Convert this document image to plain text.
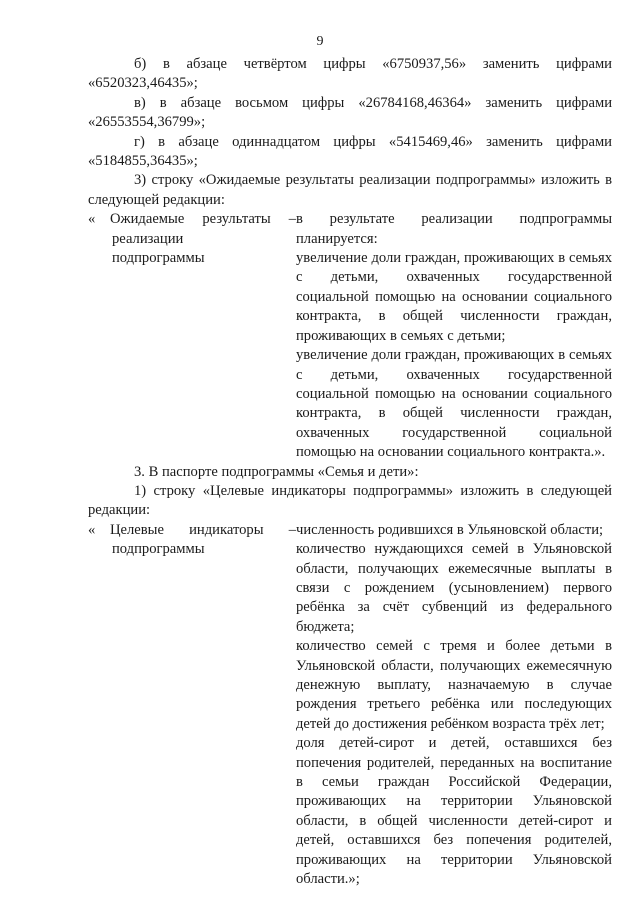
9

б) в абзаце четвёртом цифры «6750937,56» заменить цифрами «6520323,46435»;

в) в абзаце восьмом цифры «26784168,46364» заменить цифрами «26553554,36799»;

г) в абзаце одиннадцатом цифры «5415469,46» заменить цифрами «5184855,36435»;

3) строку «Ожидаемые результаты реализации подпрограммы» изложить в следующей редакции:

«	Ожидаемые результаты –
реализации
подпрограммы

в результате реализации подпрограммы планируется:

увеличение доли граждан, проживающих в семьях с детьми, охваченных государственной социальной помощью на основании социального контракта, в общей численности граждан, проживающих в семьях с детьми;

увеличение доли граждан, проживающих в семьях с детьми, охваченных государственной социальной помощью на основании социального контракта, в общей численности граждан, охваченных государственной социальной помощью на основании социального контракта.».

3. В паспорте подпрограммы «Семья и дети»:

1) строку «Целевые индикаторы подпрограммы» изложить в следующей редакции:

«	Целевые индикаторы –
подпрограммы

численность родившихся в Ульяновской области;

количество нуждающихся семей в Ульяновской области, получающих ежемесячные выплаты в связи с рождением (усыновлением) первого ребёнка за счёт субвенций из федерального бюджета;

количество семей с тремя и более детьми в Ульяновской области, получающих ежемесячную денежную выплату, назначаемую в случае рождения третьего ребёнка или последующих детей до достижения ребёнком возраста трёх лет;

доля детей-сирот и детей, оставшихся без попечения родителей, переданных на воспитание в семьи граждан Российской Федерации, проживающих на территории Ульяновской области, в общей численности детей-сирот и детей, оставшихся без попечения родителей, проживающих на территории Ульяновской области.»;
